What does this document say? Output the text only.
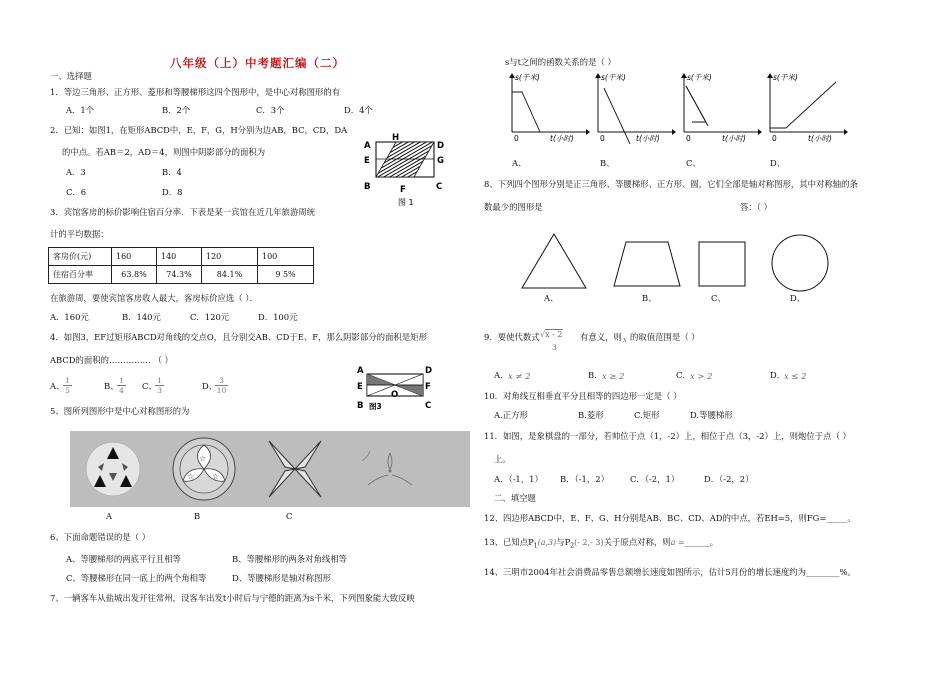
八年级（上）中考题汇编（二）
一、选择题
1．等边三角形、正方形、菱形和等腰梯形这四个图形中，是中心对称图形的有
A．1个	B．2个	C．3个	D．4个
2．已知：如图1，在矩形ABCD中，E，F，G，H分别为边AB，BC，CD，DA
的中点。若AB＝2，AD＝4，则图中阴影部分的面积为
A．3	B．4
C．6	D．8
A
H
D
E	G
B	F	C
图 1
3．宾馆客房的标价影响住宿百分率．下表是某一宾馆在近几年旅游周统
计的平均数据：
客房价(元)	160	140	120	100
住宿百分率	63.8%	74.3%	84.1%	9 5%
在旅游周，要使宾馆客房收入最大，客房标价应选（ ）．
A．160元	B．140元	C．120元	D．100元
4．如图3，EF过矩形ABCD对角线的交点O，且分别交AB、CD于E、F，那么阴影部分的面积是矩形
ABCD的面积的…………… （ ）
A、
$\frac{1}{5}$	B、
$\frac{1}{4}$ C、
$\frac{1}{3}$	D、
$\frac{3}{10}$
A	D
E	F
O
B	C
图3
5、图所列图形中是中心对称图形的为
☆
☆ ☆
A	B	C
6、下面命题错误的是（ ）
A、等腰梯形的两底平行且相等	B、等腰梯形的两条对角线相等
C、等腰梯形在同一底上的两个角相等	D、等腰梯形是轴对称图形
7、一辆客车从盐城出发开往常州，设客车出发t小时后与宁德的距离为s千米，下列图象能大致反映
s与t之间的函数关系的是（ ）
s(千米)
0	t(小时)
s(千米)
0	t(小时)
s(千米)
0	t(小时)
s(千米)
0	t(小时)
A、	B、	C、	D、
8、下列四个图形分别是正三角形、等腰梯形、正方形、圆，它们全部是轴对称图形，其中对称轴的条
数最少的图形是	答：（ ）
A、	B、	C、	D、
9．要使代数式 √x - 2
3
有意义，则 x 的取值范围是（ ）
A． x ≠ 2	B． x ≥ 2	C． x > 2	D．
x ≤ 2
10．对角线互相垂直平分且相等的四边形一定是（ ）
A.正方形	B.菱形	C.矩形	D.等腰梯形
11．如图，是象棋盘的一部分，若帅位于点（1，-2）上，相位于点（3，-2）上，则炮位于点（ ）
上。
A．（-1，1） B．（-1，2）	C．（-2，1）	D．（-2，2）
二、填空题
12、四边形ABCD中，E、F、G、H分别是AB、BC、CD、AD的中点，若EH=5，则FG=_____。
13、已知点$P_1(a,3)$与$P_2(-$ 2,- 3)关于原点对称，则a =______。
14、三明市2004年社会消费品零售总额增长速度如图所示，估计5月份的增长速度约为________%。
